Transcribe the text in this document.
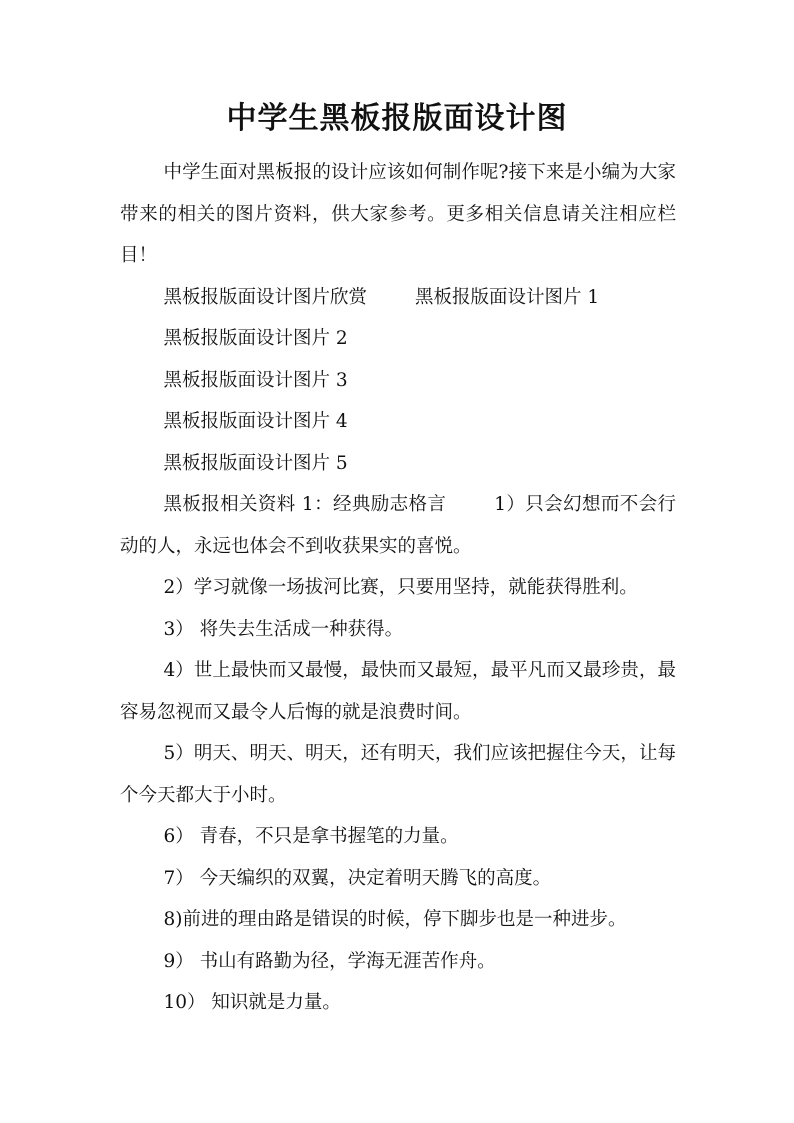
中学生黑板报版面设计图

中学生面对黑板报的设计应该如何制作呢?接下来是小编为大家带来的相关的图片资料，供大家参考。更多相关信息请关注相应栏目！

黑板报版面设计图片欣赏	黑板报版面设计图片 1

黑板报版面设计图片 2

黑板报版面设计图片 3

黑板报版面设计图片 4

黑板报版面设计图片 5

黑板报相关资料 1：经典励志格言	1）只会幻想而不会行动的人，永远也体会不到收获果实的喜悦。

2）学习就像一场拔河比赛，只要用坚持，就能获得胜利。

3） 将失去生活成一种获得。

4）世上最快而又最慢，最快而又最短，最平凡而又最珍贵，最容易忽视而又最令人后悔的就是浪费时间。

5）明天、明天、明天，还有明天，我们应该把握住今天，让每个今天都大于小时。

6） 青春，不只是拿书握笔的力量。

7） 今天编织的双翼，决定着明天腾飞的高度。

8)前进的理由路是错误的时候，停下脚步也是一种进步。

9） 书山有路勤为径，学海无涯苦作舟。

10） 知识就是力量。
